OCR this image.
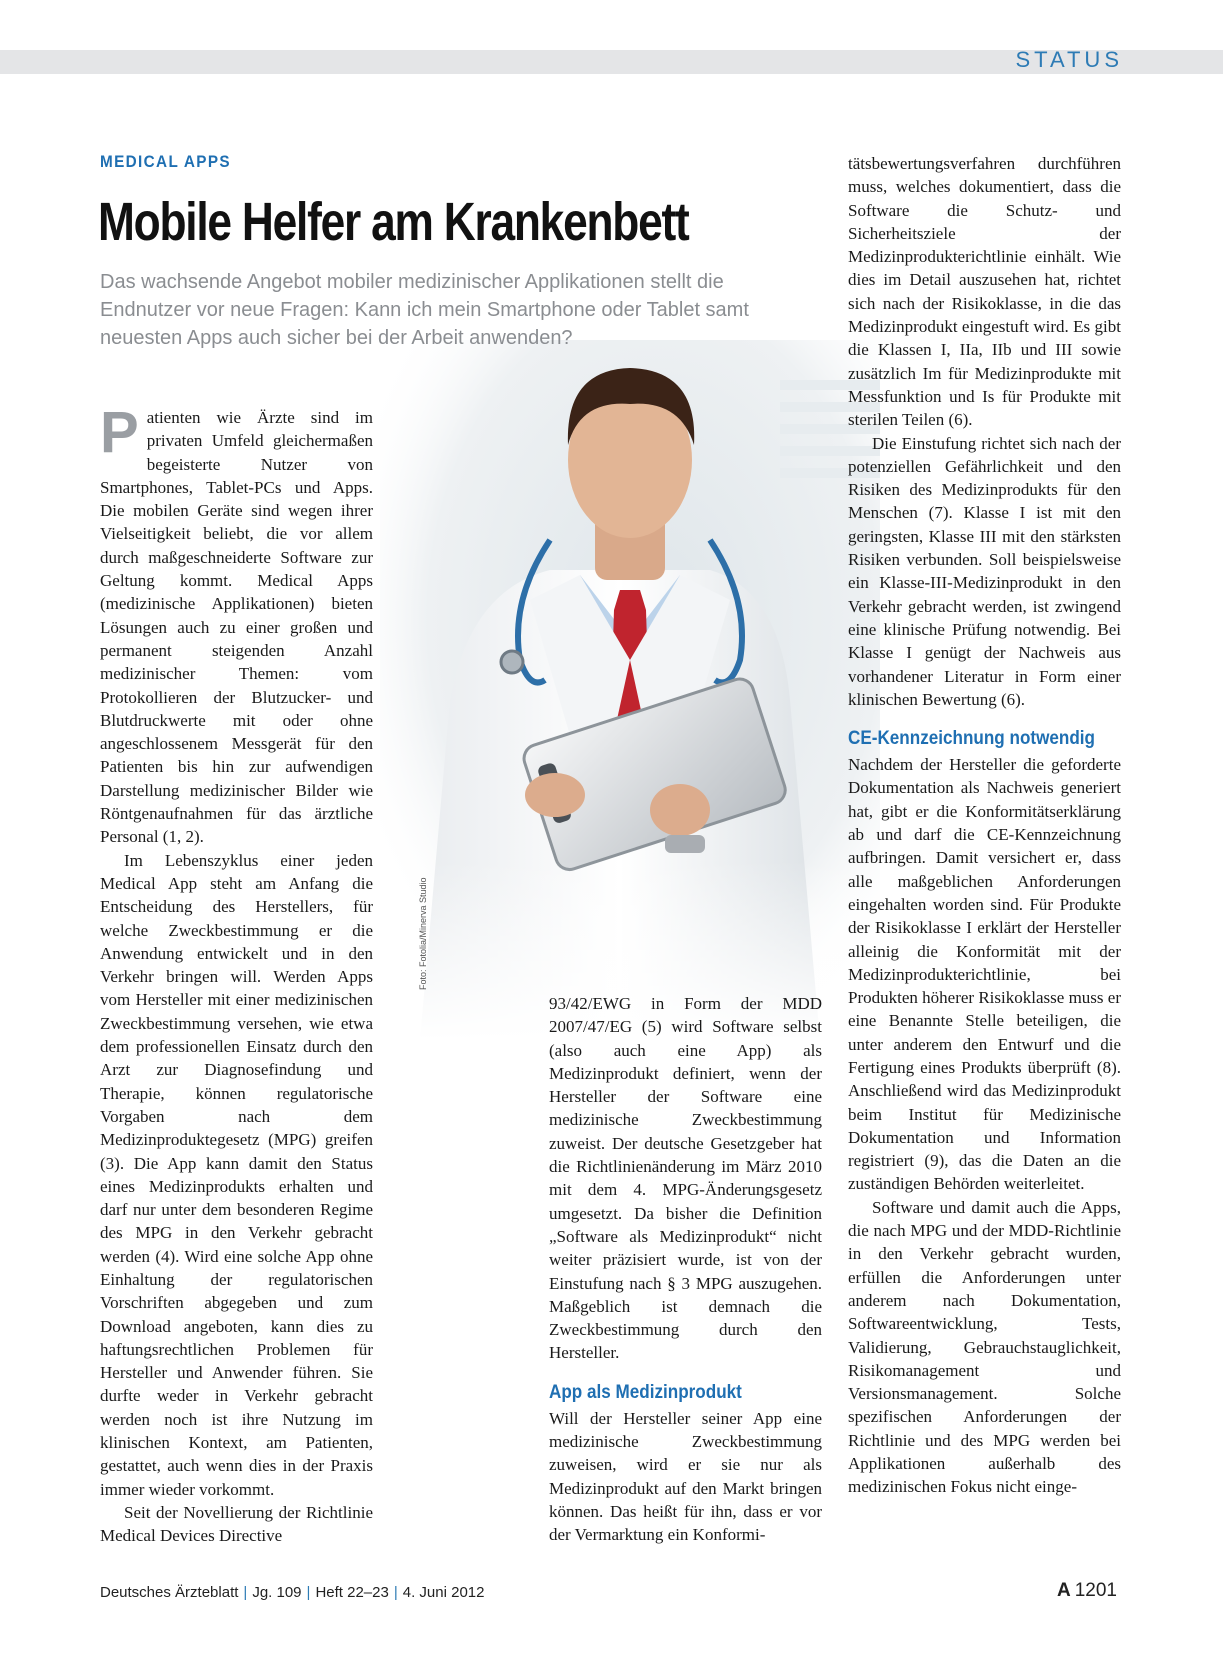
STATUS
MEDICAL APPS
Mobile Helfer am Krankenbett

Das wachsende Angebot mobiler medizinischer Applikationen stellt die Endnutzer vor neue Fragen: Kann ich mein Smartphone oder Tablet samt neuesten Apps auch sicher bei der Arbeit anwenden?

Foto: Fotolia/Minerva Studio

Patienten wie Ärzte sind im privaten Umfeld gleichermaßen begeisterte Nutzer von Smartphones, Tablet-PCs und Apps. Die mobilen Geräte sind wegen ihrer Vielseitigkeit beliebt, die vor allem durch maßgeschneiderte Software zur Geltung kommt. Medical Apps (medizinische Applikationen) bieten Lösungen auch zu einer großen und permanent steigenden Anzahl medizinischer Themen: vom Protokollieren der Blutzucker- und Blutdruckwerte mit oder ohne angeschlossenem Messgerät für den Patienten bis hin zur aufwendigen Darstellung medizinischer Bilder wie Röntgenaufnahmen für das ärztliche Personal (1, 2).

Im Lebenszyklus einer jeden Medical App steht am Anfang die Entscheidung des Herstellers, für welche Zweckbestimmung er die Anwendung entwickelt und in den Verkehr bringen will. Werden Apps vom Hersteller mit einer medizinischen Zweckbestimmung versehen, wie etwa dem professionellen Einsatz durch den Arzt zur Diagnosefindung und Therapie, können regulatorische Vorgaben nach dem Medizinproduktegesetz (MPG) greifen (3). Die App kann damit den Status eines Medizinprodukts erhalten und darf nur unter dem besonderen Regime des MPG in den Verkehr gebracht werden (4). Wird eine solche App ohne Einhaltung der regulatorischen Vorschriften abgegeben und zum Download angeboten, kann dies zu haftungsrechtlichen Problemen für Hersteller und Anwender führen. Sie durfte weder in Verkehr gebracht werden noch ist ihre Nutzung im klinischen Kontext, am Patienten, gestattet, auch wenn dies in der Praxis immer wieder vorkommt.

Seit der Novellierung der Richtlinie Medical Devices Directive

93/42/EWG in Form der MDD 2007/47/EG (5) wird Software selbst (also auch eine App) als Medizinprodukt definiert, wenn der Hersteller der Software eine medizinische Zweckbestimmung zuweist. Der deutsche Gesetzgeber hat die Richtlinienänderung im März 2010 mit dem 4. MPG-Änderungsgesetz umgesetzt. Da bisher die Definition „Software als Medizinprodukt“ nicht weiter präzisiert wurde, ist von der Einstufung nach § 3 MPG auszugehen. Maßgeblich ist demnach die Zweckbestimmung durch den Hersteller.

App als Medizinprodukt

Will der Hersteller seiner App eine medizinische Zweckbestimmung zuweisen, wird er sie nur als Medizinprodukt auf den Markt bringen können. Das heißt für ihn, dass er vor der Vermarktung ein Konformi-

tätsbewertungsverfahren durchführen muss, welches dokumentiert, dass die Software die Schutz- und Sicherheitsziele der Medizinprodukterichtlinie einhält. Wie dies im Detail auszusehen hat, richtet sich nach der Risikoklasse, in die das Medizinprodukt eingestuft wird. Es gibt die Klassen I, IIa, IIb und III sowie zusätzlich Im für Medizinprodukte mit Messfunktion und Is für Produkte mit sterilen Teilen (6).

Die Einstufung richtet sich nach der potenziellen Gefährlichkeit und den Risiken des Medizinprodukts für den Menschen (7). Klasse I ist mit den geringsten, Klasse III mit den stärksten Risiken verbunden. Soll beispielsweise ein Klasse-III-Medizinprodukt in den Verkehr gebracht werden, ist zwingend eine klinische Prüfung notwendig. Bei Klasse I genügt der Nachweis aus vorhandener Literatur in Form einer klinischen Bewertung (6).

CE-Kennzeichnung notwendig

Nachdem der Hersteller die geforderte Dokumentation als Nachweis generiert hat, gibt er die Konformitätserklärung ab und darf die CE-Kennzeichnung aufbringen. Damit versichert er, dass alle maßgeblichen Anforderungen eingehalten worden sind. Für Produkte der Risikoklasse I erklärt der Hersteller alleinig die Konformität mit der Medizinprodukterichtlinie, bei Produkten höherer Risikoklasse muss er eine Benannte Stelle beteiligen, die unter anderem den Entwurf und die Fertigung eines Produkts überprüft (8). Anschließend wird das Medizinprodukt beim Institut für Medizinische Dokumentation und Information registriert (9), das die Daten an die zuständigen Behörden weiterleitet.

Software und damit auch die Apps, die nach MPG und der MDD-Richtlinie in den Verkehr gebracht wurden, erfüllen die Anforderungen unter anderem nach Dokumentation, Softwareentwicklung, Tests, Validierung, Gebrauchstauglichkeit, Risikomanagement und Versionsmanagement. Solche spezifischen Anforderungen der Richtlinie und des MPG werden bei Applikationen außerhalb des medizinischen Fokus nicht einge-

Deutsches Ärzteblatt | Jg. 109 | Heft 22–23 | 4. Juni 2012	A 1201
